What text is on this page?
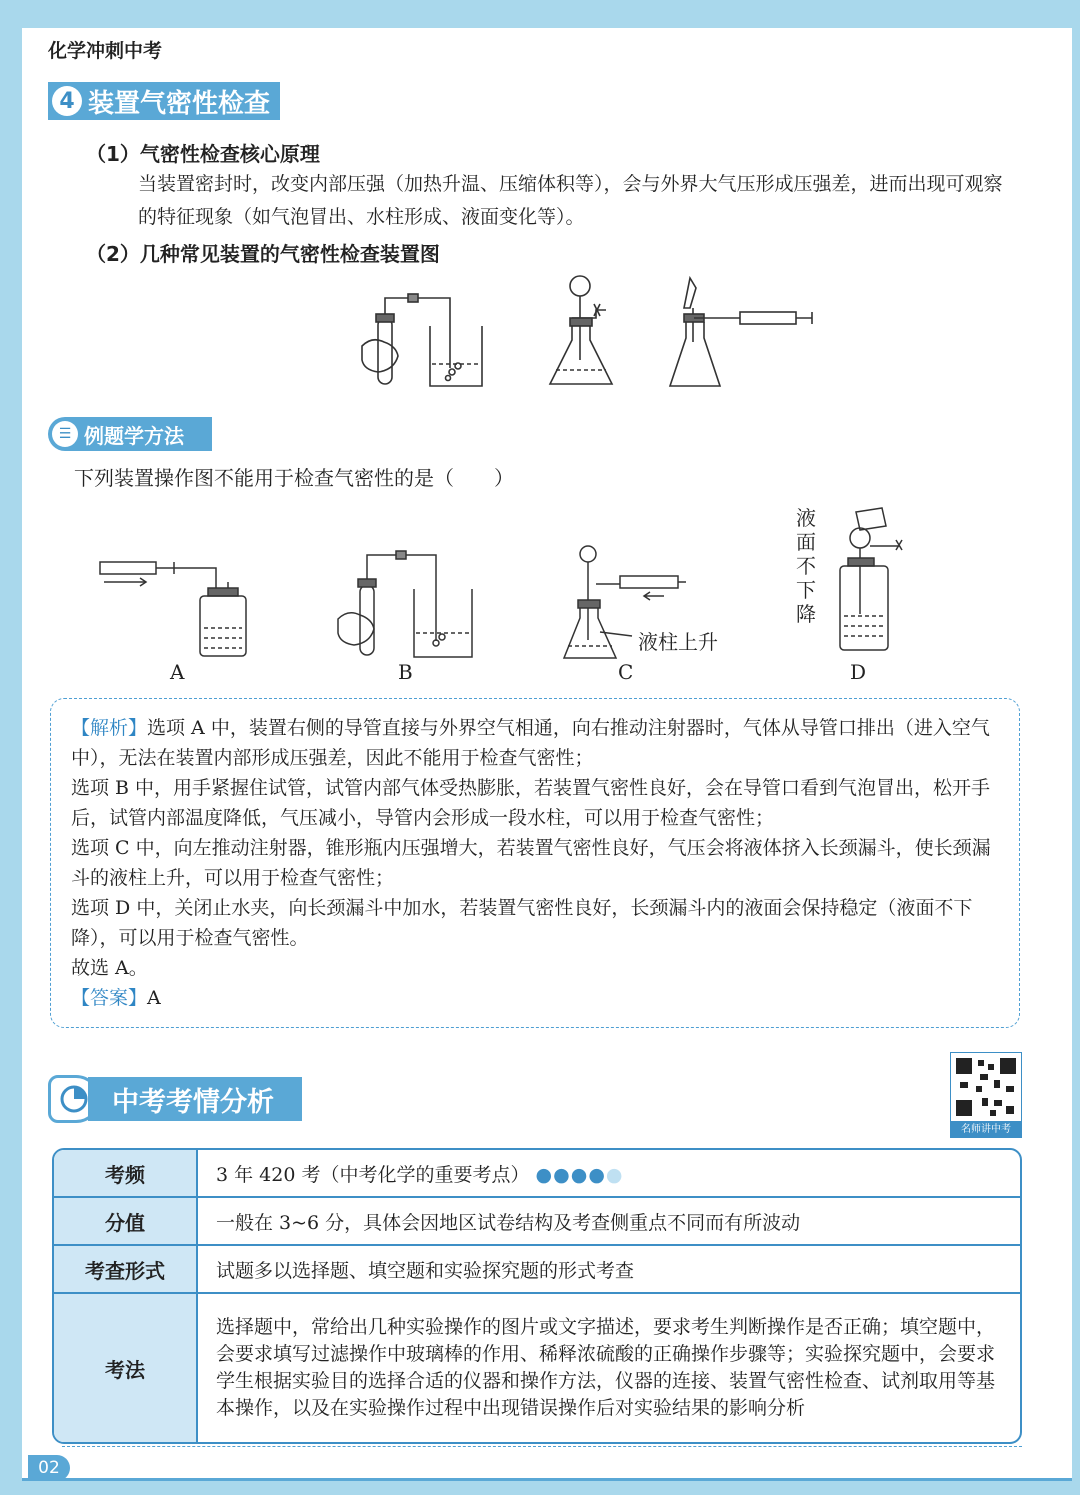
化学冲刺中考
4 装置气密性检查
（1）气密性检查核心原理
当装置密封时，改变内部压强（加热升温、压缩体积等），会与外界大气压形成压强差，进而出现可观察的特征现象（如气泡冒出、水柱形成、液面变化等）。
（2）几种常见装置的气密性检查装置图
☰ 例题学方法
下列装置操作图不能用于检查气密性的是（　　）
液柱上升
液面不下降
A	B	C	D

【解析】选项 A 中，装置右侧的导管直接与外界空气相通，向右推动注射器时，气体从导管口排出（进入空气中），无法在装置内部形成压强差，因此不能用于检查气密性；

选项 B 中，用手紧握住试管，试管内部气体受热膨胀，若装置气密性良好，会在导管口看到气泡冒出，松开手后，试管内部温度降低，气压减小，导管内会形成一段水柱，可以用于检查气密性；

选项 C 中，向左推动注射器，锥形瓶内压强增大，若装置气密性良好，气压会将液体挤入长颈漏斗，使长颈漏斗的液柱上升，可以用于检查气密性；

选项 D 中，关闭止水夹，向长颈漏斗中加水，若装置气密性良好，长颈漏斗内的液面会保持稳定（液面不下降），可以用于检查气密性。

故选 A。

【答案】A

中考考情分析
名师讲中考
考频	3 年 420 考（中考化学的重要考点） ●●●●●
分值	一般在 3~6 分，具体会因地区试卷结构及考查侧重点不同而有所波动
考查形式	试题多以选择题、填空题和实验探究题的形式考查
考法	选择题中，常给出几种实验操作的图片或文字描述，要求考生判断操作是否正确；填空题中，会要求填写过滤操作中玻璃棒的作用、稀释浓硫酸的正确操作步骤等；实验探究题中，会要求学生根据实验目的选择合适的仪器和操作方法，仪器的连接、装置气密性检查、试剂取用等基本操作，以及在实验操作过程中出现错误操作后对实验结果的影响分析
02
